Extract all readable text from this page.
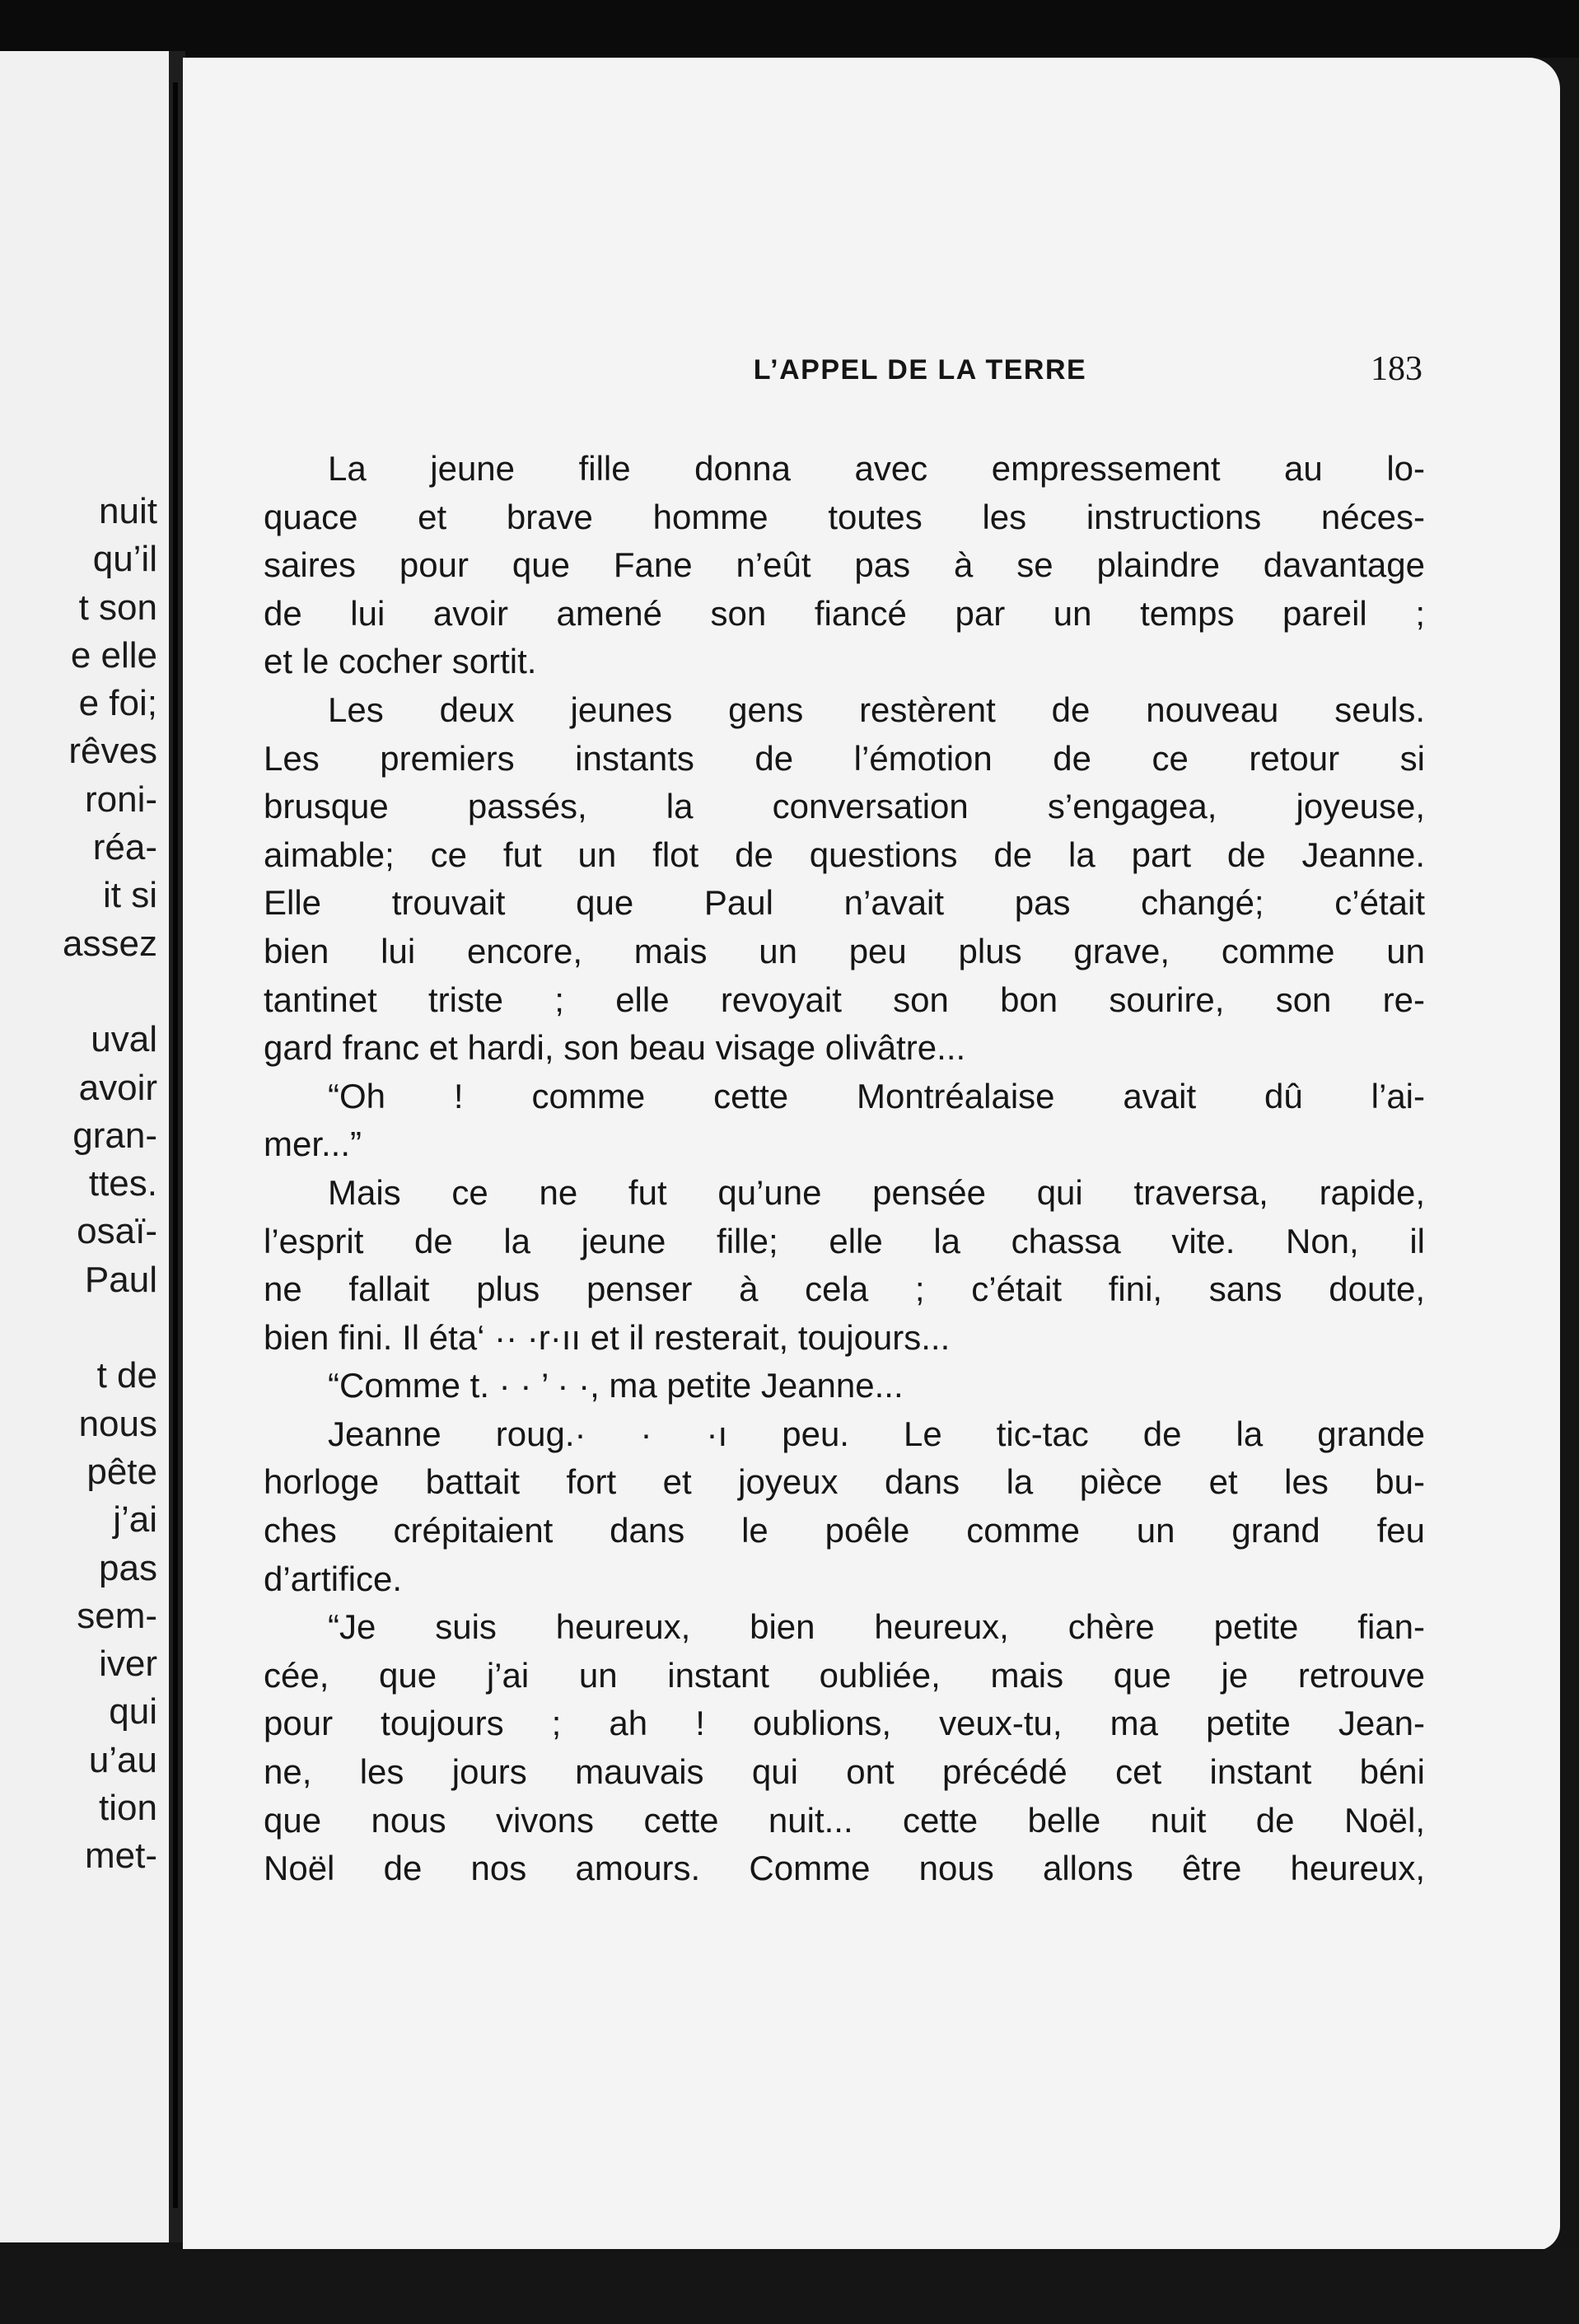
nuit
qu’il
t son
e elle
e foi;
rêves
roni-
réa-
it si
assez
uval
avoir
gran-
ttes.
osaï-
Paul
t de
nous
pête
j’ai
pas
sem-
iver
qui
u’au
tion
met-
L’APPEL DE LA TERRE	183
La jeune fille donna avec empressement au lo-
quace et brave homme toutes les instructions néces-
saires pour que Fane n’eût pas à se plaindre davantage
de lui avoir amené son fiancé par un temps pareil ;
et le cocher sortit.
Les deux jeunes gens restèrent de nouveau seuls.
Les premiers instants de l’émotion de ce retour si
brusque passés, la conversation s’engagea, joyeuse,
aimable; ce fut un flot de questions de la part de Jeanne.
Elle trouvait que Paul n’avait pas changé; c’était
bien lui encore, mais un peu plus grave, comme un
tantinet triste ; elle revoyait son bon sourire, son re-
gard franc et hardi, son beau visage olivâtre...
“Oh ! comme cette Montréalaise avait dû l’ai-
mer...”
Mais ce ne fut qu’une pensée qui traversa, rapide,
l’esprit de la jeune fille; elle la chassa vite. Non, il
ne fallait plus penser à cela ; c’était fini, sans doute,
bien fini. Il éta‘ ·· ·r·ıı et il resterait, toujours...
“Comme t. · · ’ · ·, ma petite Jeanne...
Jeanne roug.· · ·ı peu. Le tic-tac de la grande
horloge battait fort et joyeux dans la pièce et les bu-
ches crépitaient dans le poêle comme un grand feu
d’artifice.
“Je suis heureux, bien heureux, chère petite fian-
cée, que j’ai un instant oubliée, mais que je retrouve
pour toujours ; ah ! oublions, veux-tu, ma petite Jean-
ne, les jours mauvais qui ont précédé cet instant béni
que nous vivons cette nuit... cette belle nuit de Noël,
Noël de nos amours. Comme nous allons être heureux,
